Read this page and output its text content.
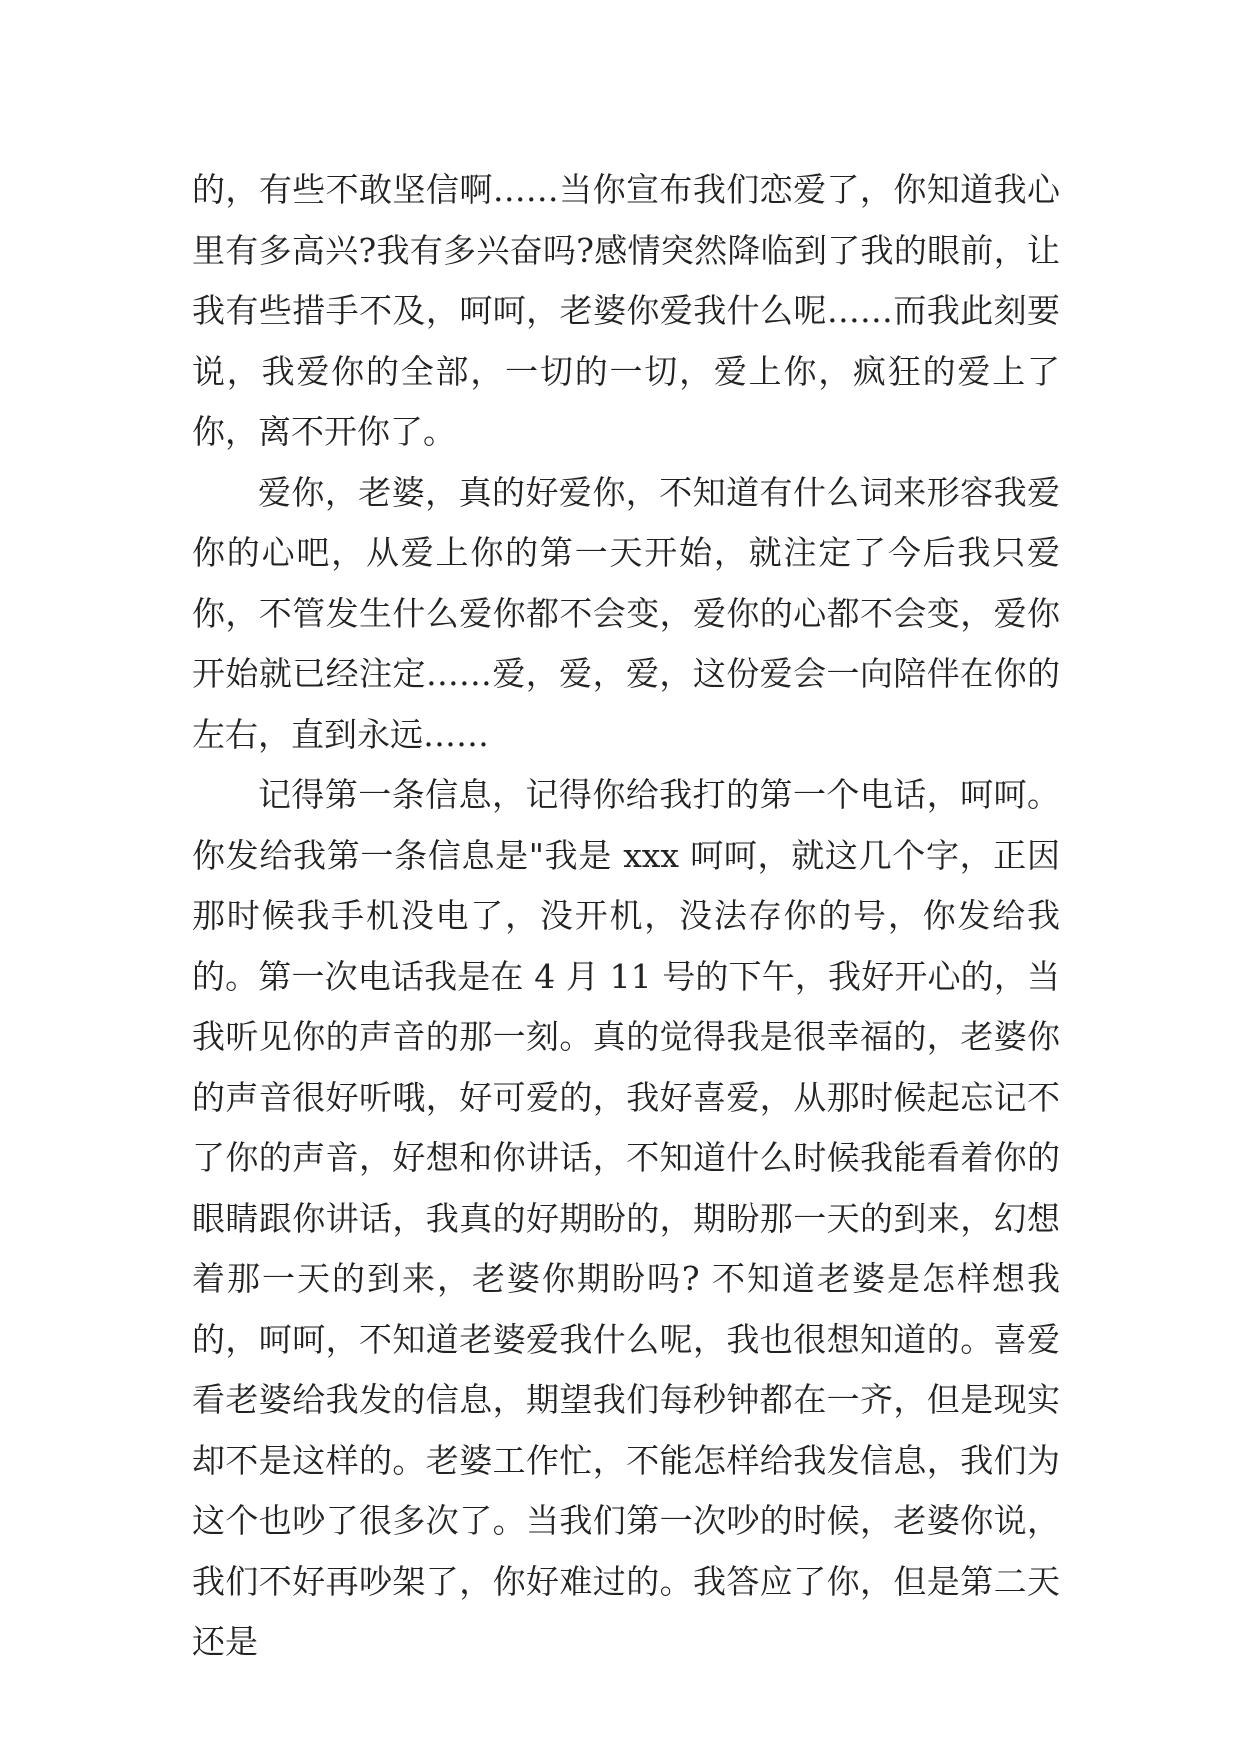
的，有些不敢坚信啊……当你宣布我们恋爱了，你知道我心里有多高兴?我有多兴奋吗?感情突然降临到了我的眼前，让我有些措手不及，呵呵，老婆你爱我什么呢……而我此刻要说，我爱你的全部，一切的一切，爱上你，疯狂的爱上了你，离不开你了。

爱你，老婆，真的好爱你，不知道有什么词来形容我爱你的心吧，从爱上你的第一天开始，就注定了今后我只爱你，不管发生什么爱你都不会变，爱你的心都不会变，爱你开始就已经注定……爱，爱，爱，这份爱会一向陪伴在你的左右，直到永远……

记得第一条信息，记得你给我打的第一个电话，呵呵。你发给我第一条信息是"我是 xxx 呵呵，就这几个字，正因那时候我手机没电了，没开机，没法存你的号，你发给我的。第一次电话我是在 4 月 11 号的下午，我好开心的，当我听见你的声音的那一刻。真的觉得我是很幸福的，老婆你的声音很好听哦，好可爱的，我好喜爱，从那时候起忘记不了你的声音，好想和你讲话，不知道什么时候我能看着你的眼睛跟你讲话，我真的好期盼的，期盼那一天的到来，幻想着那一天的到来，老婆你期盼吗? 不知道老婆是怎样想我的，呵呵，不知道老婆爱我什么呢，我也很想知道的。喜爱看老婆给我发的信息，期望我们每秒钟都在一齐，但是现实却不是这样的。老婆工作忙，不能怎样给我发信息，我们为这个也吵了很多次了。当我们第一次吵的时候，老婆你说，我们不好再吵架了，你好难过的。我答应了你，但是第二天还是
